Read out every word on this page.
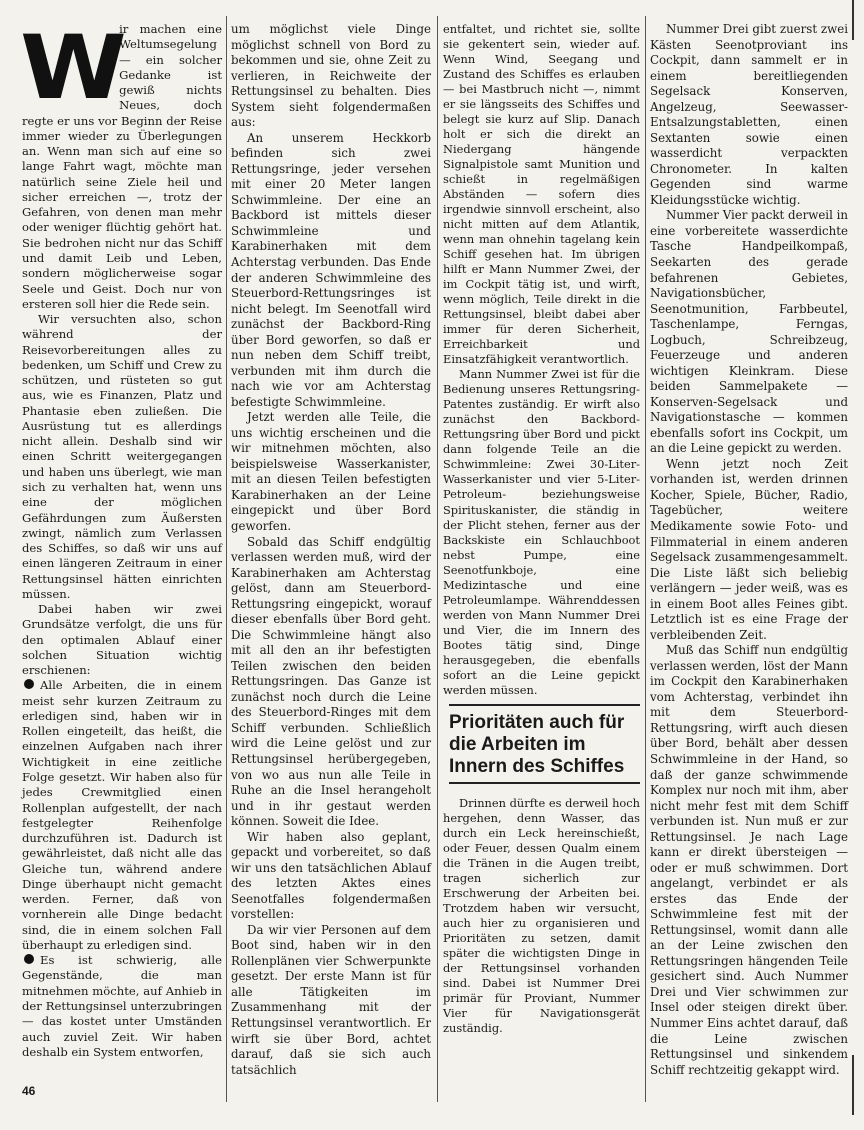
W

ir machen eine Weltumsegelung — ein solcher Gedanke ist gewiß nichts Neues, doch regte er uns vor Beginn der Reise immer wieder zu Überlegungen an. Wenn man sich auf eine so lange Fahrt wagt, möchte man natürlich seine Ziele heil und sicher erreichen —, trotz der Gefahren, von denen man mehr oder weniger flüchtig gehört hat. Sie bedrohen nicht nur das Schiff und damit Leib und Leben, sondern möglicherweise sogar Seele und Geist. Doch nur von ersteren soll hier die Rede sein.

Wir versuchten also, schon während der Reisevorbereitungen alles zu bedenken, um Schiff und Crew zu schützen, und rüsteten so gut aus, wie es Finanzen, Platz und Phantasie eben zuließen. Die Ausrüstung tut es allerdings nicht allein. Deshalb sind wir einen Schritt weitergegangen und haben uns überlegt, wie man sich zu verhalten hat, wenn uns eine der möglichen Gefährdungen zum Äußersten zwingt, nämlich zum Verlassen des Schiffes, so daß wir uns auf einen längeren Zeitraum in einer Rettungsinsel hätten einrichten müssen.

Dabei haben wir zwei Grundsätze verfolgt, die uns für den optimalen Ablauf einer solchen Situation wichtig erschienen:

Alle Arbeiten, die in einem meist sehr kurzen Zeitraum zu erledigen sind, haben wir in Rollen eingeteilt, das heißt, die einzelnen Aufgaben nach ihrer Wichtigkeit in eine zeitliche Folge gesetzt. Wir haben also für jedes Crewmitglied einen Rollenplan aufgestellt, der nach festgelegter Reihenfolge durchzuführen ist. Dadurch ist gewährleistet, daß nicht alle das Gleiche tun, während andere Dinge überhaupt nicht gemacht werden. Ferner, daß von vornherein alle Dinge bedacht sind, die in einem solchen Fall überhaupt zu erledigen sind.

Es ist schwierig, alle Gegenstände, die man mitnehmen möchte, auf Anhieb in der Rettungsinsel unterzubringen — das kostet unter Umständen auch zuviel Zeit. Wir haben deshalb ein System entworfen,

um möglichst viele Dinge möglichst schnell von Bord zu bekommen und sie, ohne Zeit zu verlieren, in Reichweite der Rettungsinsel zu behalten. Dies System sieht folgendermaßen aus:

An unserem Heckkorb befinden sich zwei Rettungsringe, jeder versehen mit einer 20 Meter langen Schwimmleine. Der eine an Backbord ist mittels dieser Schwimmleine und Karabinerhaken mit dem Achterstag verbunden. Das Ende der anderen Schwimmleine des Steuerbord-Rettungsringes ist nicht belegt. Im Seenotfall wird zunächst der Backbord-Ring über Bord geworfen, so daß er nun neben dem Schiff treibt, verbunden mit ihm durch die nach wie vor am Achterstag befestigte Schwimmleine.

Jetzt werden alle Teile, die uns wichtig erscheinen und die wir mitnehmen möchten, also beispielsweise Wasserkanister, mit an diesen Teilen befestigten Karabinerhaken an der Leine eingepickt und über Bord geworfen.

Sobald das Schiff endgültig verlassen werden muß, wird der Karabinerhaken am Achterstag gelöst, dann am Steuerbord-Rettungsring eingepickt, worauf dieser ebenfalls über Bord geht. Die Schwimmleine hängt also mit all den an ihr befestigten Teilen zwischen den beiden Rettungsringen. Das Ganze ist zunächst noch durch die Leine des Steuerbord-Ringes mit dem Schiff verbunden. Schließlich wird die Leine gelöst und zur Rettungsinsel herübergegeben, von wo aus nun alle Teile in Ruhe an die Insel herangeholt und in ihr gestaut werden können. Soweit die Idee.

Wir haben also geplant, gepackt und vorbereitet, so daß wir uns den tatsächlichen Ablauf des letzten Aktes eines Seenotfalles folgendermaßen vorstellen:

Da wir vier Personen auf dem Boot sind, haben wir in den Rollenplänen vier Schwerpunkte gesetzt. Der erste Mann ist für alle Tätigkeiten im Zusammenhang mit der Rettungsinsel verantwortlich. Er wirft sie über Bord, achtet darauf, daß sie sich auch tatsächlich

entfaltet, und richtet sie, sollte sie gekentert sein, wieder auf. Wenn Wind, Seegang und Zustand des Schiffes es erlauben — bei Mastbruch nicht —, nimmt er sie längsseits des Schiffes und belegt sie kurz auf Slip. Danach holt er sich die direkt an Niedergang hängende Signalpistole samt Munition und schießt in regelmäßigen Abständen — sofern dies irgendwie sinnvoll erscheint, also nicht mitten auf dem Atlantik, wenn man ohnehin tagelang kein Schiff gesehen hat. Im übrigen hilft er Mann Nummer Zwei, der im Cockpit tätig ist, und wirft, wenn möglich, Teile direkt in die Rettungsinsel, bleibt dabei aber immer für deren Sicherheit, Erreichbarkeit und Einsatzfähigkeit verantwortlich.

Mann Nummer Zwei ist für die Bedienung unseres Rettungsring-Patentes zuständig. Er wirft also zunächst den Backbord-Rettungsring über Bord und pickt dann folgende Teile an die Schwimmleine: Zwei 30-Liter-Wasserkanister und vier 5-Liter-Petroleum- beziehungsweise Spirituskanister, die ständig in der Plicht stehen, ferner aus der Backskiste ein Schlauchboot nebst Pumpe, eine Seenotfunkboje, eine Medizintasche und eine Petroleumlampe. Währenddessen werden von Mann Nummer Drei und Vier, die im Innern des Bootes tätig sind, Dinge herausgegeben, die ebenfalls sofort an die Leine gepickt werden müssen.

Prioritäten auch für die Arbeiten im Innern des Schiffes

Drinnen dürfte es derweil hoch hergehen, denn Wasser, das durch ein Leck hereinschießt, oder Feuer, dessen Qualm einem die Tränen in die Augen treibt, tragen sicherlich zur Erschwerung der Arbeiten bei. Trotzdem haben wir versucht, auch hier zu organisieren und Prioritäten zu setzen, damit später die wichtigsten Dinge in der Rettungsinsel vorhanden sind. Dabei ist Nummer Drei primär für Proviant, Nummer Vier für Navigationsgerät zuständig.

Nummer Drei gibt zuerst zwei Kästen Seenotproviant ins Cockpit, dann sammelt er in einem bereitliegenden Segelsack Konserven, Angelzeug, Seewasser-Entsalzungstabletten, einen Sextanten sowie einen wasserdicht verpackten Chronometer. In kalten Gegenden sind warme Kleidungsstücke wichtig.

Nummer Vier packt derweil in eine vorbereitete wasserdichte Tasche Handpeilkompaß, Seekarten des gerade befahrenen Gebietes, Navigationsbücher, Seenotmunition, Farbbeutel, Taschenlampe, Ferngas, Logbuch, Schreibzeug, Feuerzeuge und anderen wichtigen Kleinkram. Diese beiden Sammelpakete — Konserven-Segelsack und Navigationstasche — kommen ebenfalls sofort ins Cockpit, um an die Leine gepickt zu werden.

Wenn jetzt noch Zeit vorhanden ist, werden drinnen Kocher, Spiele, Bücher, Radio, Tagebücher, weitere Medikamente sowie Foto- und Filmmaterial in einem anderen Segelsack zusammengesammelt. Die Liste läßt sich beliebig verlängern — jeder weiß, was es in einem Boot alles Feines gibt. Letztlich ist es eine Frage der verbleibenden Zeit.

Muß das Schiff nun endgültig verlassen werden, löst der Mann im Cockpit den Karabinerhaken vom Achterstag, verbindet ihn mit dem Steuerbord-Rettungsring, wirft auch diesen über Bord, behält aber dessen Schwimmleine in der Hand, so daß der ganze schwimmende Komplex nur noch mit ihm, aber nicht mehr fest mit dem Schiff verbunden ist. Nun muß er zur Rettungsinsel. Je nach Lage kann er direkt übersteigen — oder er muß schwimmen. Dort angelangt, verbindet er als erstes das Ende der Schwimmleine fest mit der Rettungsinsel, womit dann alle an der Leine zwischen den Rettungsringen hängenden Teile gesichert sind. Auch Nummer Drei und Vier schwimmen zur Insel oder steigen direkt über. Nummer Eins achtet darauf, daß die Leine zwischen Rettungsinsel und sinkendem Schiff rechtzeitig gekappt wird.

46
